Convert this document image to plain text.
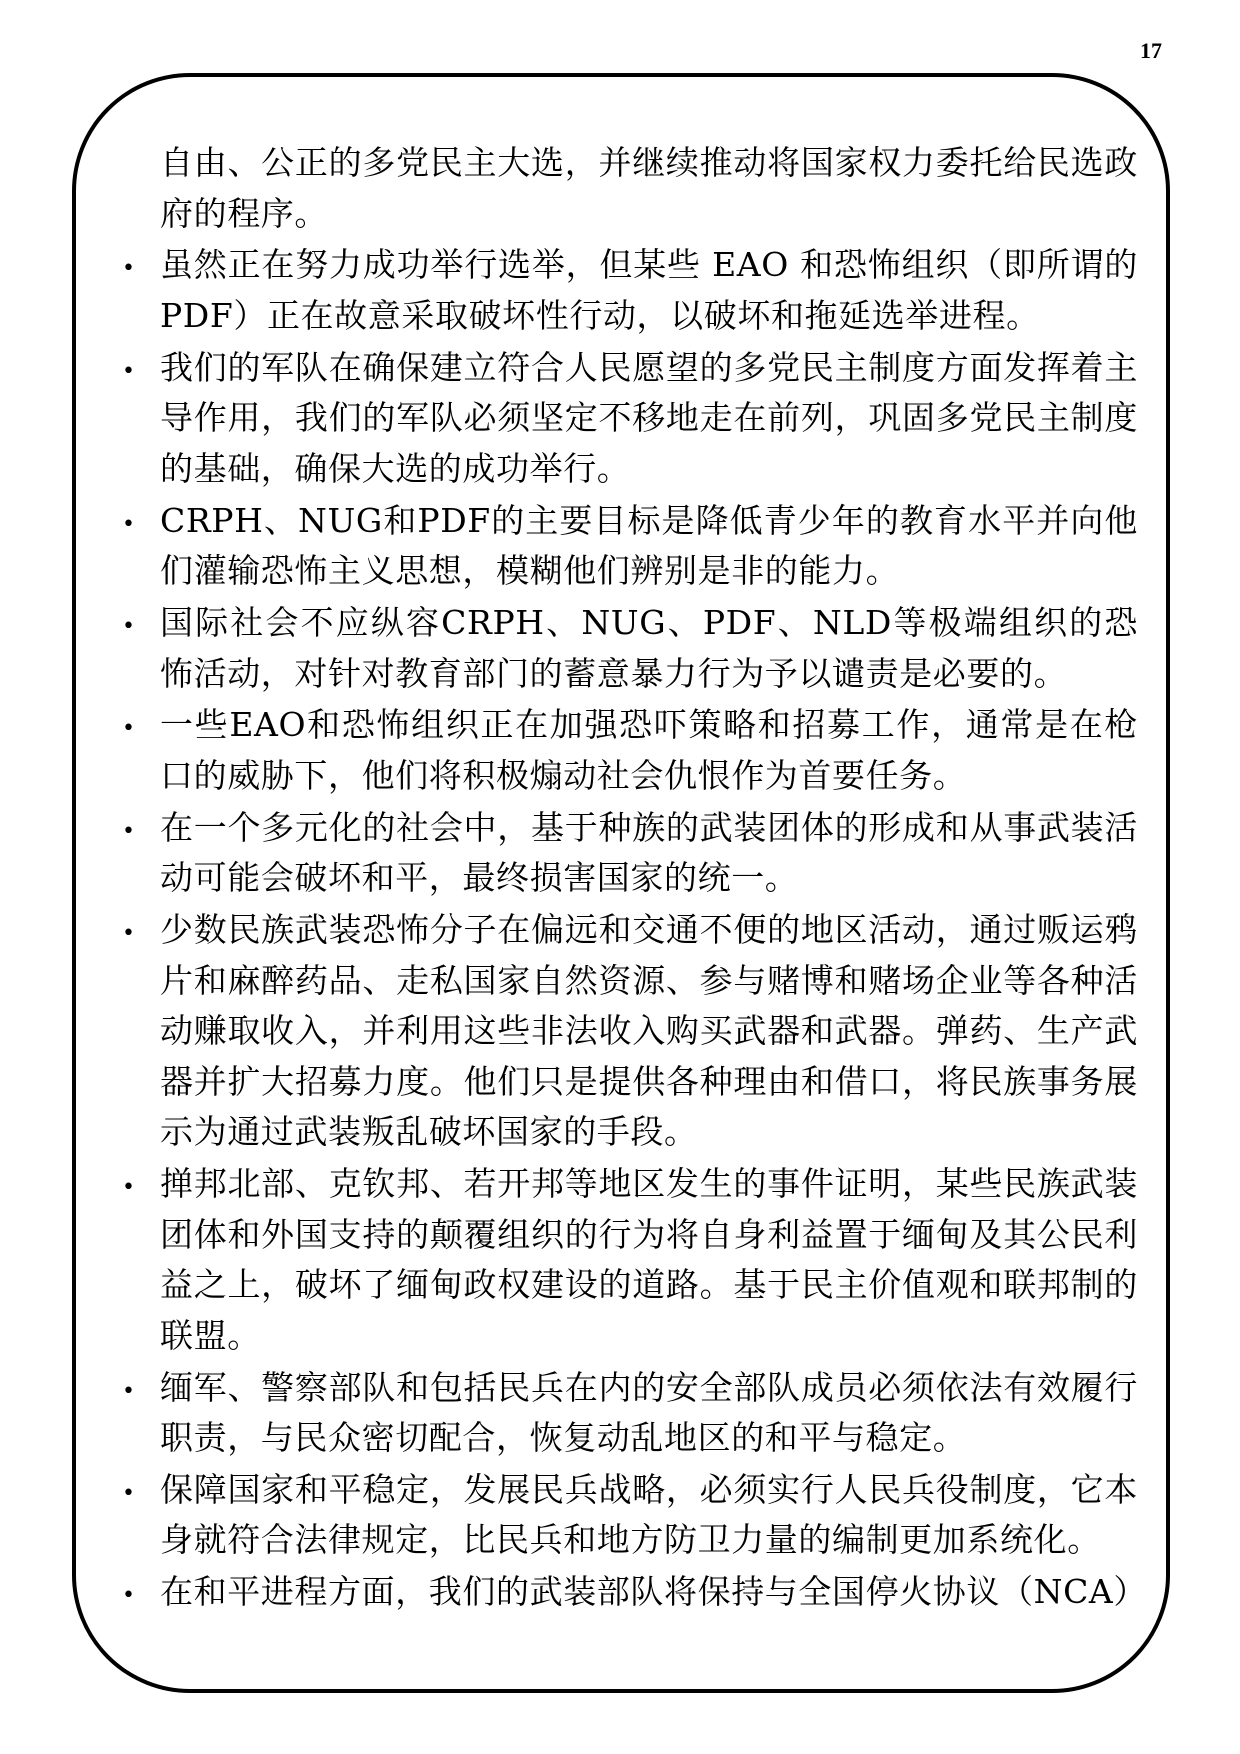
17
自由、公正的多党民主大选，并继续推动将国家权力委托给民选政府的程序。
•
虽然正在努力成功举行选举，但某些 EAO 和恐怖组织（即所谓的PDF）正在故意采取破坏性行动，以破坏和拖延选举进程。
•
我们的军队在确保建立符合人民愿望的多党民主制度方面发挥着主导作用，我们的军队必须坚定不移地走在前列，巩固多党民主制度的基础，确保大选的成功举行。
•
CRPH、NUG和PDF的主要目标是降低青少年的教育水平并向他们灌输恐怖主义思想，模糊他们辨别是非的能力。
•
国际社会不应纵容CRPH、NUG、PDF、NLD等极端组织的恐怖活动，对针对教育部门的蓄意暴力行为予以谴责是必要的。
•
一些EAO和恐怖组织正在加强恐吓策略和招募工作，通常是在枪口的威胁下，他们将积极煽动社会仇恨作为首要任务。
•
在一个多元化的社会中，基于种族的武装团体的形成和从事武装活动可能会破坏和平，最终损害国家的统一。
•
少数民族武装恐怖分子在偏远和交通不便的地区活动，通过贩运鸦片和麻醉药品、走私国家自然资源、参与赌博和赌场企业等各种活动赚取收入，并利用这些非法收入购买武器和武器。弹药、生产武器并扩大招募力度。他们只是提供各种理由和借口，将民族事务展示为通过武装叛乱破坏国家的手段。
•
掸邦北部、克钦邦、若开邦等地区发生的事件证明，某些民族武装团体和外国支持的颠覆组织的行为将自身利益置于缅甸及其公民利益之上，破坏了缅甸政权建设的道路。基于民主价值观和联邦制的联盟。
•
缅军、警察部队和包括民兵在内的安全部队成员必须依法有效履行职责，与民众密切配合，恢复动乱地区的和平与稳定。
•
保障国家和平稳定，发展民兵战略，必须实行人民兵役制度，它本身就符合法律规定，比民兵和地方防卫力量的编制更加系统化。
•
在和平进程方面，我们的武装部队将保持与全国停火协议（NCA）
